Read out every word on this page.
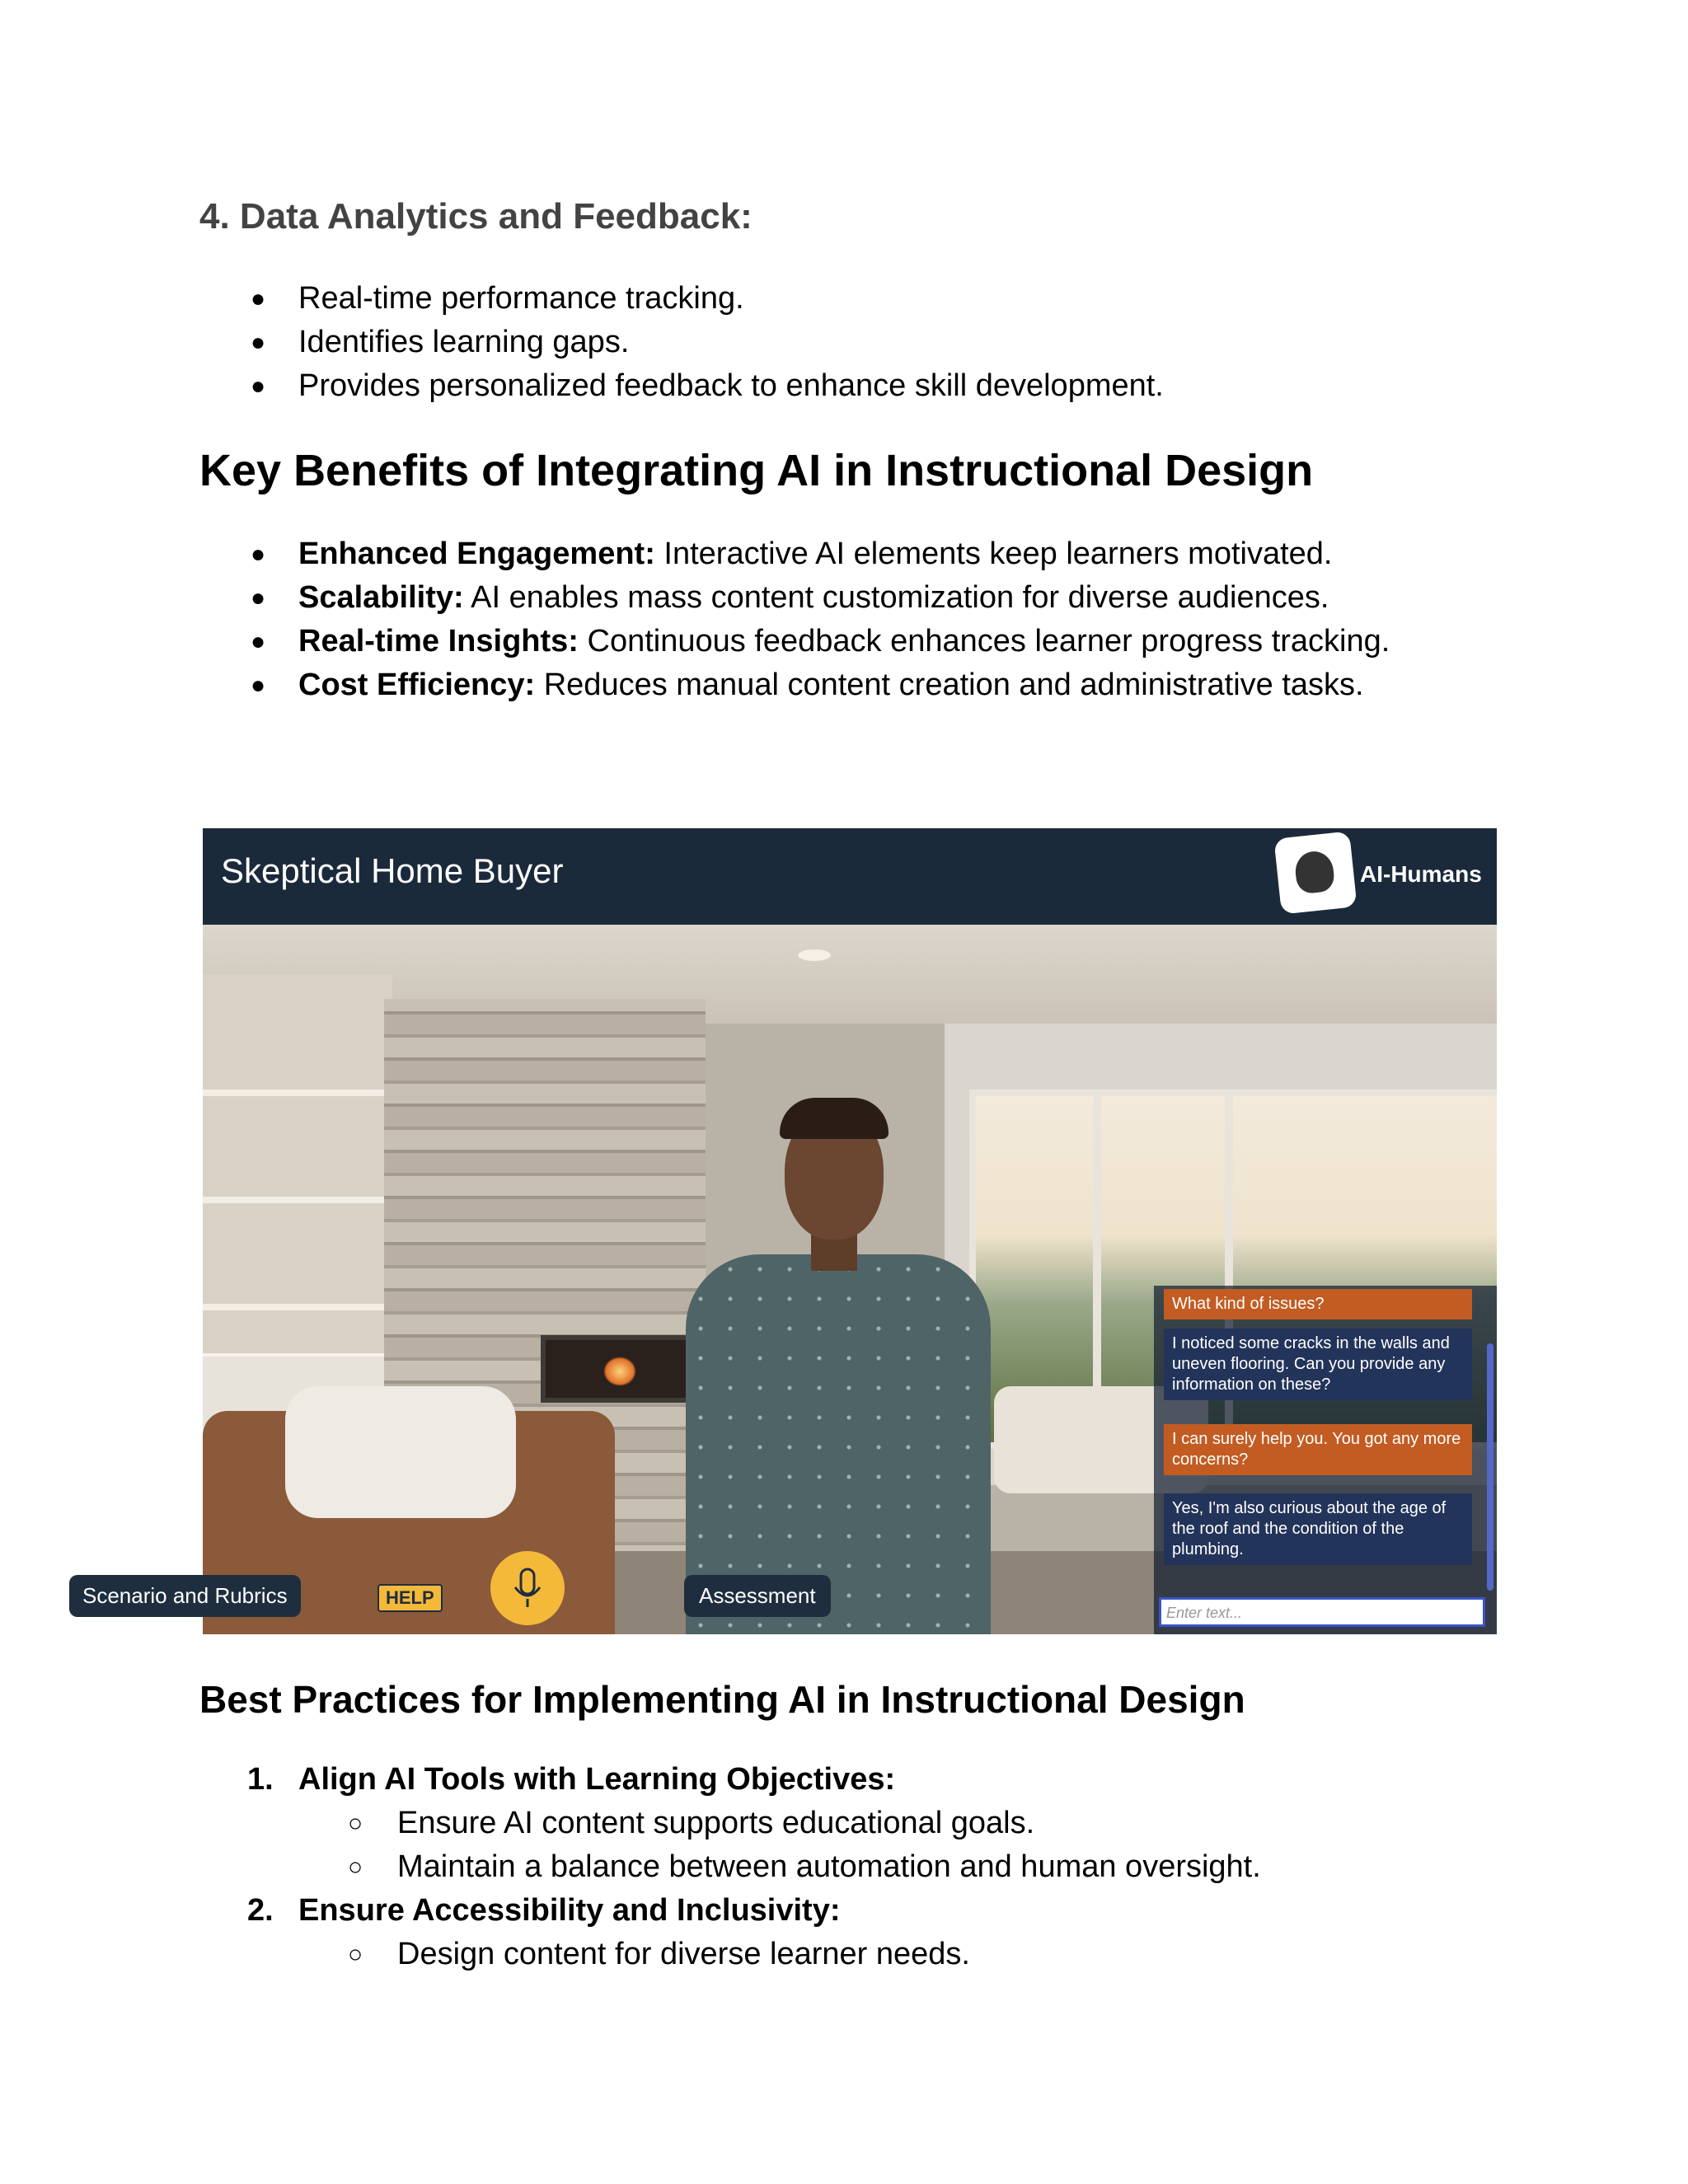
4. Data Analytics and Feedback:
● Real-time performance tracking.
● Identifies learning gaps.
● Provides personalized feedback to enhance skill development.
Key Benefits of Integrating AI in Instructional Design
● Enhanced Engagement: Interactive AI elements keep learners motivated.
● Scalability: AI enables mass content customization for diverse audiences.
● Real-time Insights: Continuous feedback enhances learner progress tracking.
● Cost Efficiency: Reduces manual content creation and administrative tasks.
Skeptical Home Buyer	AI-Humans
Scenario and Rubrics	HELP	Assessment
What kind of issues?
I noticed some cracks in the walls and uneven flooring. Can you provide any information on these?
I can surely help you. You got any more concerns?
Yes, I'm also curious about the age of the roof and the condition of the plumbing.
Enter text...
Best Practices for Implementing AI in Instructional Design
1. Align AI Tools with Learning Objectives:
○ Ensure AI content supports educational goals.
○ Maintain a balance between automation and human oversight.
2. Ensure Accessibility and Inclusivity:
○ Design content for diverse learner needs.
